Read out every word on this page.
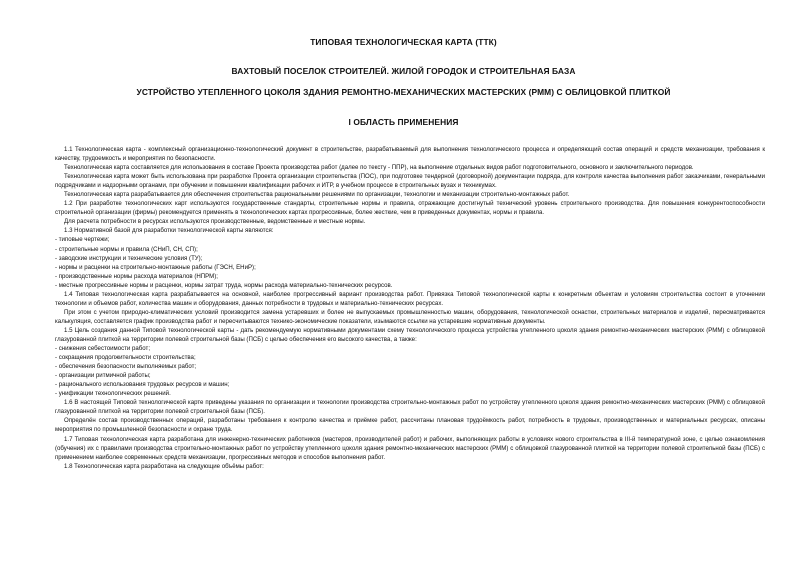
ТИПОВАЯ ТЕХНОЛОГИЧЕСКАЯ КАРТА (ТТК)
ВАХТОВЫЙ ПОСЕЛОК СТРОИТЕЛЕЙ. ЖИЛОЙ ГОРОДОК И СТРОИТЕЛЬНАЯ БАЗА
УСТРОЙСТВО УТЕПЛЕННОГО ЦОКОЛЯ ЗДАНИЯ РЕМОНТНО-МЕХАНИЧЕСКИХ МАСТЕРСКИХ (РММ) С ОБЛИЦОВКОЙ ПЛИТКОЙ
I ОБЛАСТЬ ПРИМЕНЕНИЯ

1.1 Технологическая карта - комплексный организационно-технологический документ в строительстве, разрабатываемый для выполнения технологического процесса и определяющий состав операций и средств механизации, требования к качеству, трудоемкость и мероприятия по безопасности.

Технологическая карта составляется для использования в составе Проекта производства работ (далее по тексту - ППР), на выполнение отдельных видов работ подготовительного, основного и заключительного периодов.

Технологическая карта может быть использована при разработке Проекта организации строительства (ПОС), при подготовке тендерной (договорной) документации подряда, для контроля качества выполнения работ заказчиками, генеральными подрядчиками и надзорными органами, при обучении и повышении квалификации рабочих и ИТР, в учебном процессе в строительных вузах и техникумах.

Технологическая карта разрабатывается для обеспечения строительства рациональными решениями по организации, технологии и механизации строительно-монтажных работ.

1.2 При разработке технологических карт используются государственные стандарты, строительные нормы и правила, отражающие достигнутый технический уровень строительного производства. Для повышения конкурентоспособности строительной организации (фирмы) рекомендуется применять в технологических картах прогрессивные, более жесткие, чем в приведенных документах, нормы и правила.

Для расчета потребности в ресурсах используются производственные, ведомственные и местные нормы.

1.3 Нормативной базой для разработки технологической карты являются:

- типовые чертежи;

- строительные нормы и правила (СНиП, СН, СП);

- заводские инструкции и технические условия (ТУ);

- нормы и расценки на строительно-монтажные работы (ГЭСН, ЕНиР);

- производственные нормы расхода материалов (НПРМ);

- местные прогрессивные нормы и расценки, нормы затрат труда, нормы расхода материально-технических ресурсов.

1.4 Типовая технологическая карта разрабатывается на основной, наиболее прогрессивный вариант производства работ. Привязка Типовой технологической карты к конкретным объектам и условиям строительства состоит в уточнении технологии и объемов работ, количества машин и оборудования, данных потребности в трудовых и материально-технических ресурсах.

При этом с учетом природно-климатических условий производится замена устаревших и более не выпускаемых промышленностью машин, оборудования, технологической оснастки, строительных материалов и изделий, пересматривается калькуляция, составляется график производства работ и пересчитываются технико-экономические показатели, изымаются ссылки на устаревшие нормативные документы.

1.5 Цель создания данной Типовой технологической карты - дать рекомендуемую нормативными документами схему технологического процесса устройства утепленного цоколя здания ремонтно-механических мастерских (РММ) с облицовкой глазурованной плиткой на территории полевой строительной базы (ПСБ) с целью обеспечения его высокого качества, а также:

- снижения себестоимости работ;

- сокращения продолжительности строительства;

- обеспечения безопасности выполняемых работ;

- организации ритмичной работы;

- рационального использования трудовых ресурсов и машин;

- унификации технологических решений.

1.6 В настоящей Типовой технологической карте приведены указания по организации и технологии производства строительно-монтажных работ по устройству утепленного цоколя здания ремонтно-механических мастерских (РММ) с облицовкой глазурованной плиткой на территории полевой строительной базы (ПСБ).

Определён состав производственных операций, разработаны требования к контролю качества и приёмке работ, рассчитаны плановая трудоёмкость работ, потребность в трудовых, производственных и материальных ресурсах, описаны мероприятия по промышленной безопасности и охране труда.

1.7 Типовая технологическая карта разработана для инженерно-технических работников (мастеров, производителей работ) и рабочих, выполняющих работы в условиях нового строительства в III-й температурной зоне, с целью ознакомления (обучения) их с правилами производства строительно-монтажных работ по устройству утепленного цоколя здания ремонтно-механических мастерских (РММ) с облицовкой глазурованной плиткой на территории полевой строительной базы (ПСБ) с применением наиболее современных средств механизации, прогрессивных методов и способов выполнения работ.

1.8 Технологическая карта разработана на следующие объёмы работ:
